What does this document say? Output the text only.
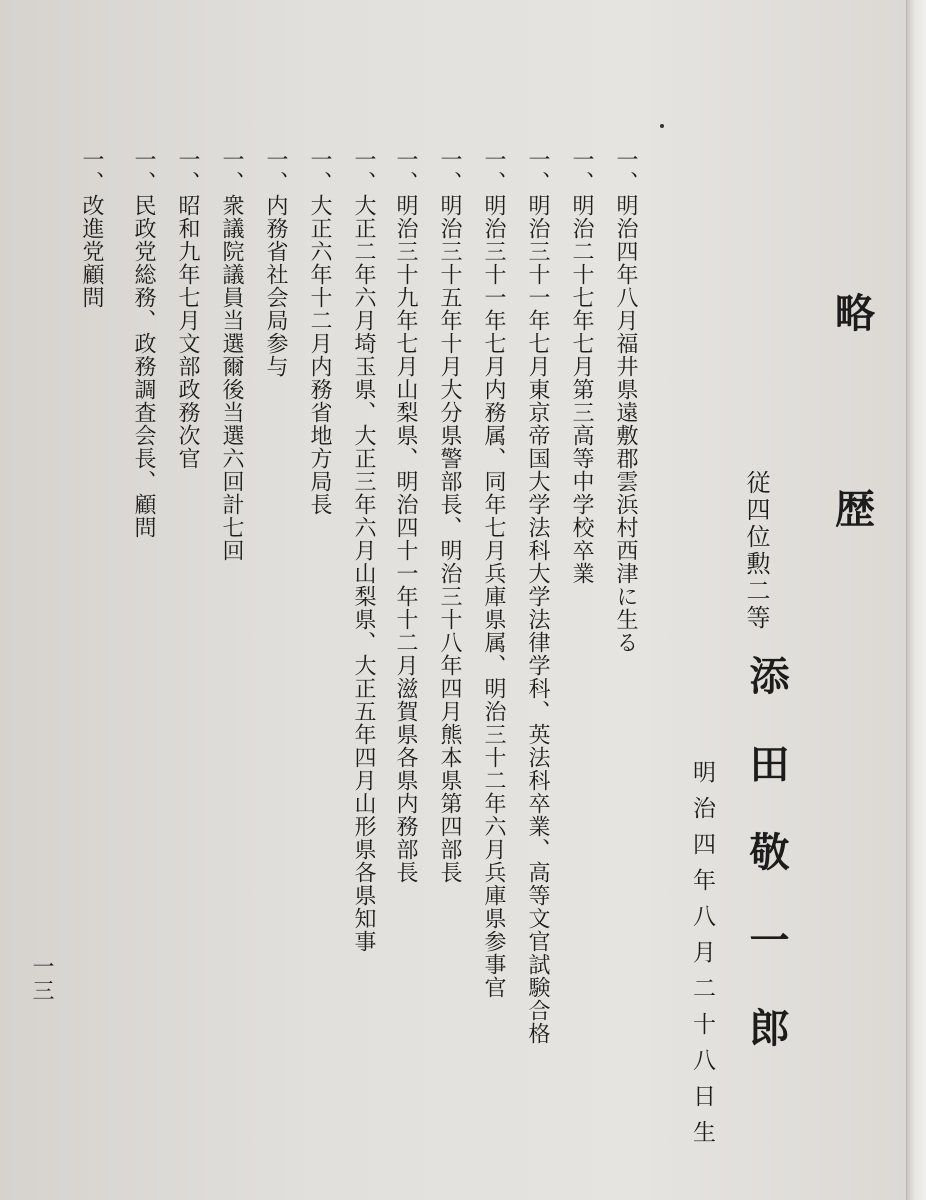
略
歴
従四位勲二等
添田敬一郎
明治四年八月二十八日生
一、明治四年八月福井県遠敷郡雲浜村西津に生る
一、明治二十七年七月第三高等中学校卒業
一、明治三十一年七月東京帝国大学法科大学法律学科、英法科卒業、高等文官試験合格
一、明治三十一年七月内務属、同年七月兵庫県属、明治三十二年六月兵庫県参事官
一、明治三十五年十月大分県警部長、明治三十八年四月熊本県第四部長
一、明治三十九年七月山梨県、明治四十一年十二月滋賀県各県内務部長
一、大正二年六月埼玉県、大正三年六月山梨県、大正五年四月山形県各県知事
一、大正六年十二月内務省地方局長
一、内務省社会局参与
一、衆議院議員当選爾後当選六回計七回
一、昭和九年七月文部政務次官
一、民政党総務、政務調査会長、顧問
一、改進党顧問
一三
